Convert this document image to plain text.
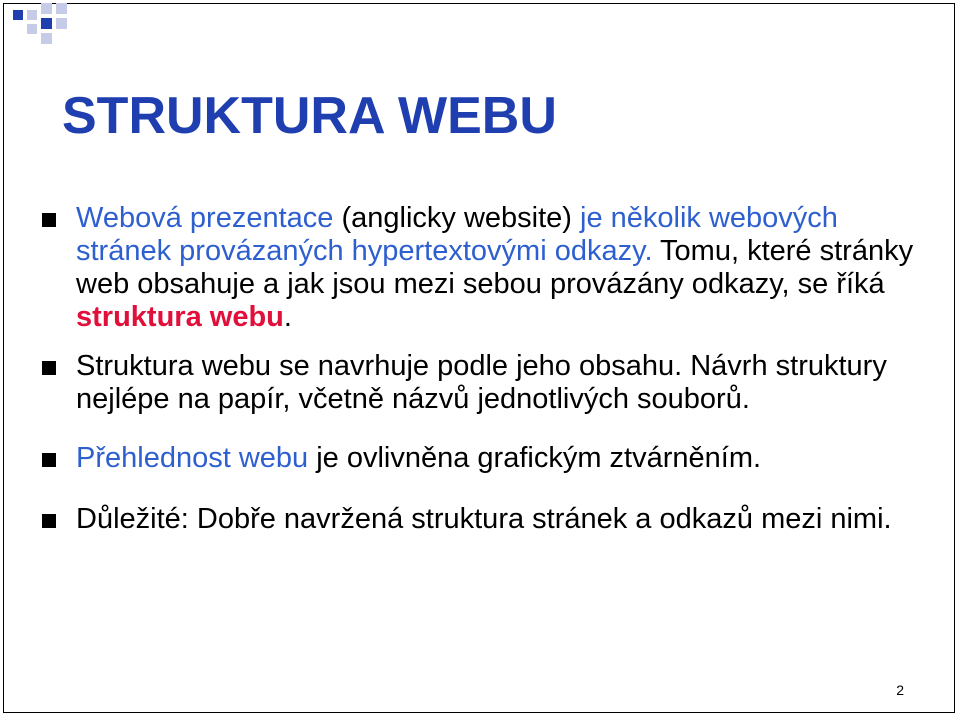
STRUKTURA WEBU
Webová prezentace (anglicky website) je několik webových stránek provázaných hypertextovými odkazy. Tomu, které stránky web obsahuje a jak jsou mezi sebou provázány odkazy, se říká struktura webu.
Struktura webu se navrhuje podle jeho obsahu. Návrh struktury nejlépe na papír, včetně názvů jednotlivých souborů.
Přehlednost webu je ovlivněna grafickým ztvárněním.
Důležité: Dobře navržená struktura stránek a odkazů mezi nimi.
2
